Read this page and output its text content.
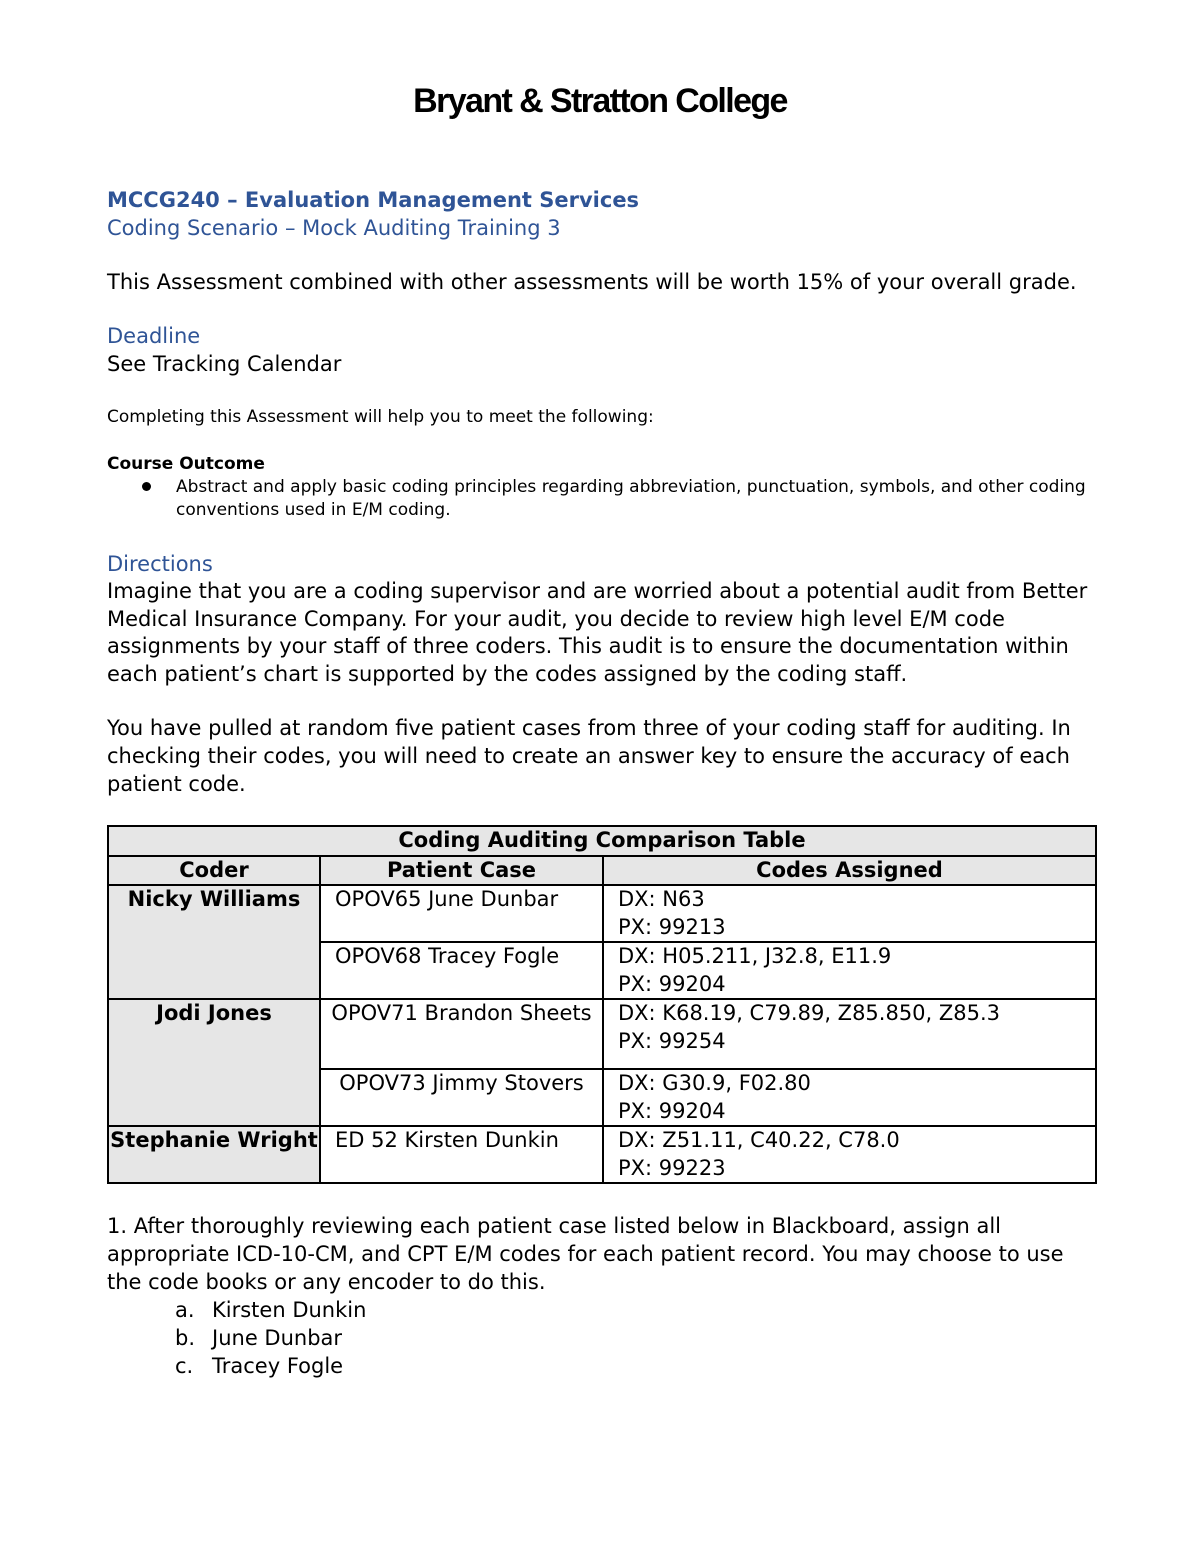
Bryant & Stratton College

MCCG240 – Evaluation Management Services

Coding Scenario – Mock Auditing Training 3

This Assessment combined with other assessments will be worth 15% of your overall grade.

Deadline

See Tracking Calendar

Completing this Assessment will help you to meet the following:

Course Outcome

Abstract and apply basic coding principles regarding abbreviation, punctuation, symbols, and other coding conventions used in E/M coding.

Directions

Imagine that you are a coding supervisor and are worried about a potential audit from Better Medical Insurance Company. For your audit, you decide to review high level E/M code assignments by your staff of three coders. This audit is to ensure the documentation within each patient’s chart is supported by the codes assigned by the coding staff.

You have pulled at random five patient cases from three of your coding staff for auditing. In checking their codes, you will need to create an answer key to ensure the accuracy of each patient code.

Coding Auditing Comparison Table		
Coder	Patient Case	Codes Assigned
Nicky Williams	OPOV65 June Dunbar	DX: N63
PX: 99213

	OPOV68 Tracey Fogle	DX: H05.211, J32.8, E11.9
PX: 99204

Jodi Jones	OPOV71 Brandon Sheets	DX: K68.19, C79.89, Z85.850, Z85.3
PX: 99254

	OPOV73 Jimmy Stovers	DX: G30.9, F02.80
PX: 99204

Stephanie Wright	ED 52 Kirsten Dunkin	DX: Z51.11, C40.22, C78.0
PX: 99223

1. After thoroughly reviewing each patient case listed below in Blackboard, assign all appropriate ICD-10-CM, and CPT E/M codes for each patient record. You may choose to use the code books or any encoder to do this.

a. Kirsten Dunkin
b. June Dunbar
c. Tracey Fogle
